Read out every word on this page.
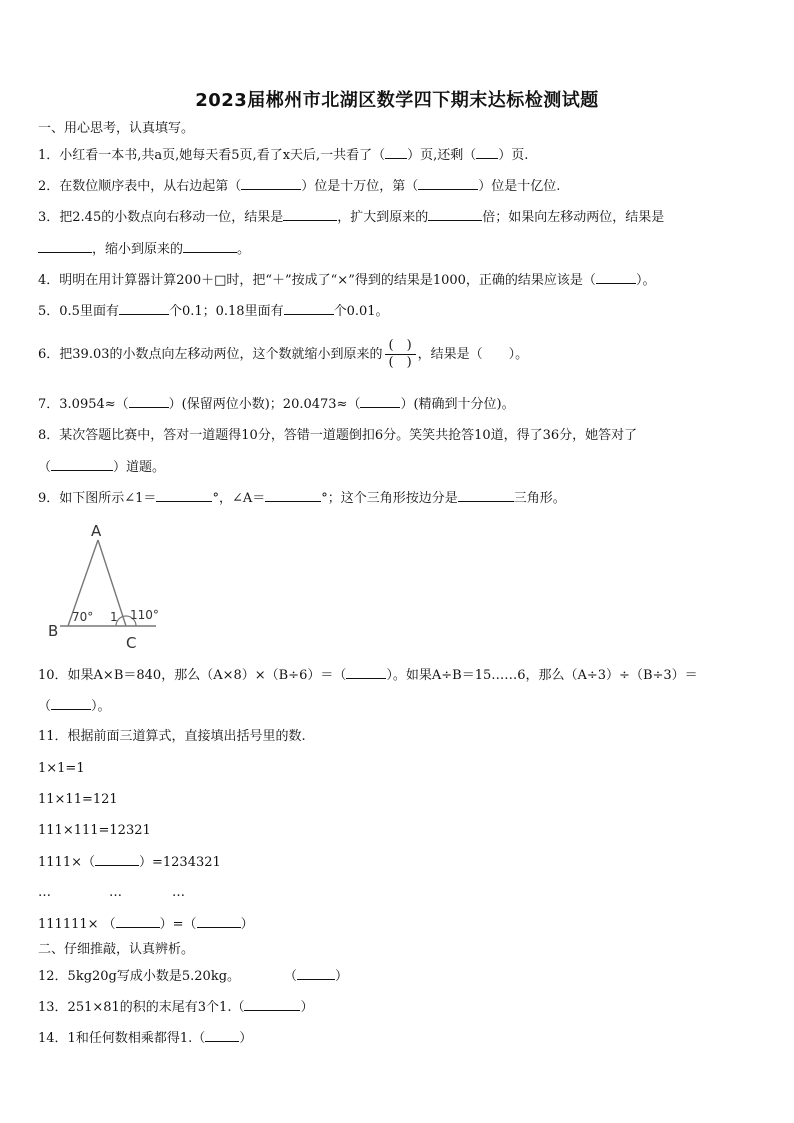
2023届郴州市北湖区数学四下期末达标检测试题
一、用心思考，认真填写。
1．小红看一本书,共a页,她每天看5页,看了x天后,一共看了（ ）页,还剩（ ）页.
2．在数位顺序表中，从右边起第（	）位是十万位，第（	）位是十亿位.
3．把2.45的小数点向右移动一位，结果是	，扩大到原来的	倍；如果向左移动两位，结果是
，缩小到原来的	。
4．明明在用计算器计算200＋□时，把“＋”按成了“×”得到的结果是1000，正确的结果应该是（	）。
5．0.5里面有	个0.1；0.18里面有	个0.01。
6．把39.03的小数点向左移动两位，这个数就缩小到原来的 $\frac{( )}{( )}$ ，结果是（　　）。
7．3.0954≈（	）(保留两位小数)；20.0473≈（	）(精确到十分位)。
8．某次答题比赛中，答对一道题得10分，答错一道题倒扣6分。笑笑共抢答10道，得了36分，她答对了
（	）道题。
9．如下图所示∠1＝	°，∠A＝	°；这个三角形按边分是	三角形。
A
B
C
70° 1 110°
10．如果A×B＝840，那么（A×8）×（B÷6）＝（	）。如果A÷B＝15……6，那么（A÷3）÷（B÷3）＝
（	）。
11．根据前面三道算式，直接填出括号里的数.
1×1=1
11×11=121
111×111=12321
1111×（	）=1234321
…	…	…
111111× （	）=（	）
二、仔细推敲，认真辨析。
12．5kg20g写成小数是5.20kg。	（	）
13．251×81的积的末尾有3个1.（	）
14．1和任何数相乘都得1.（	）
